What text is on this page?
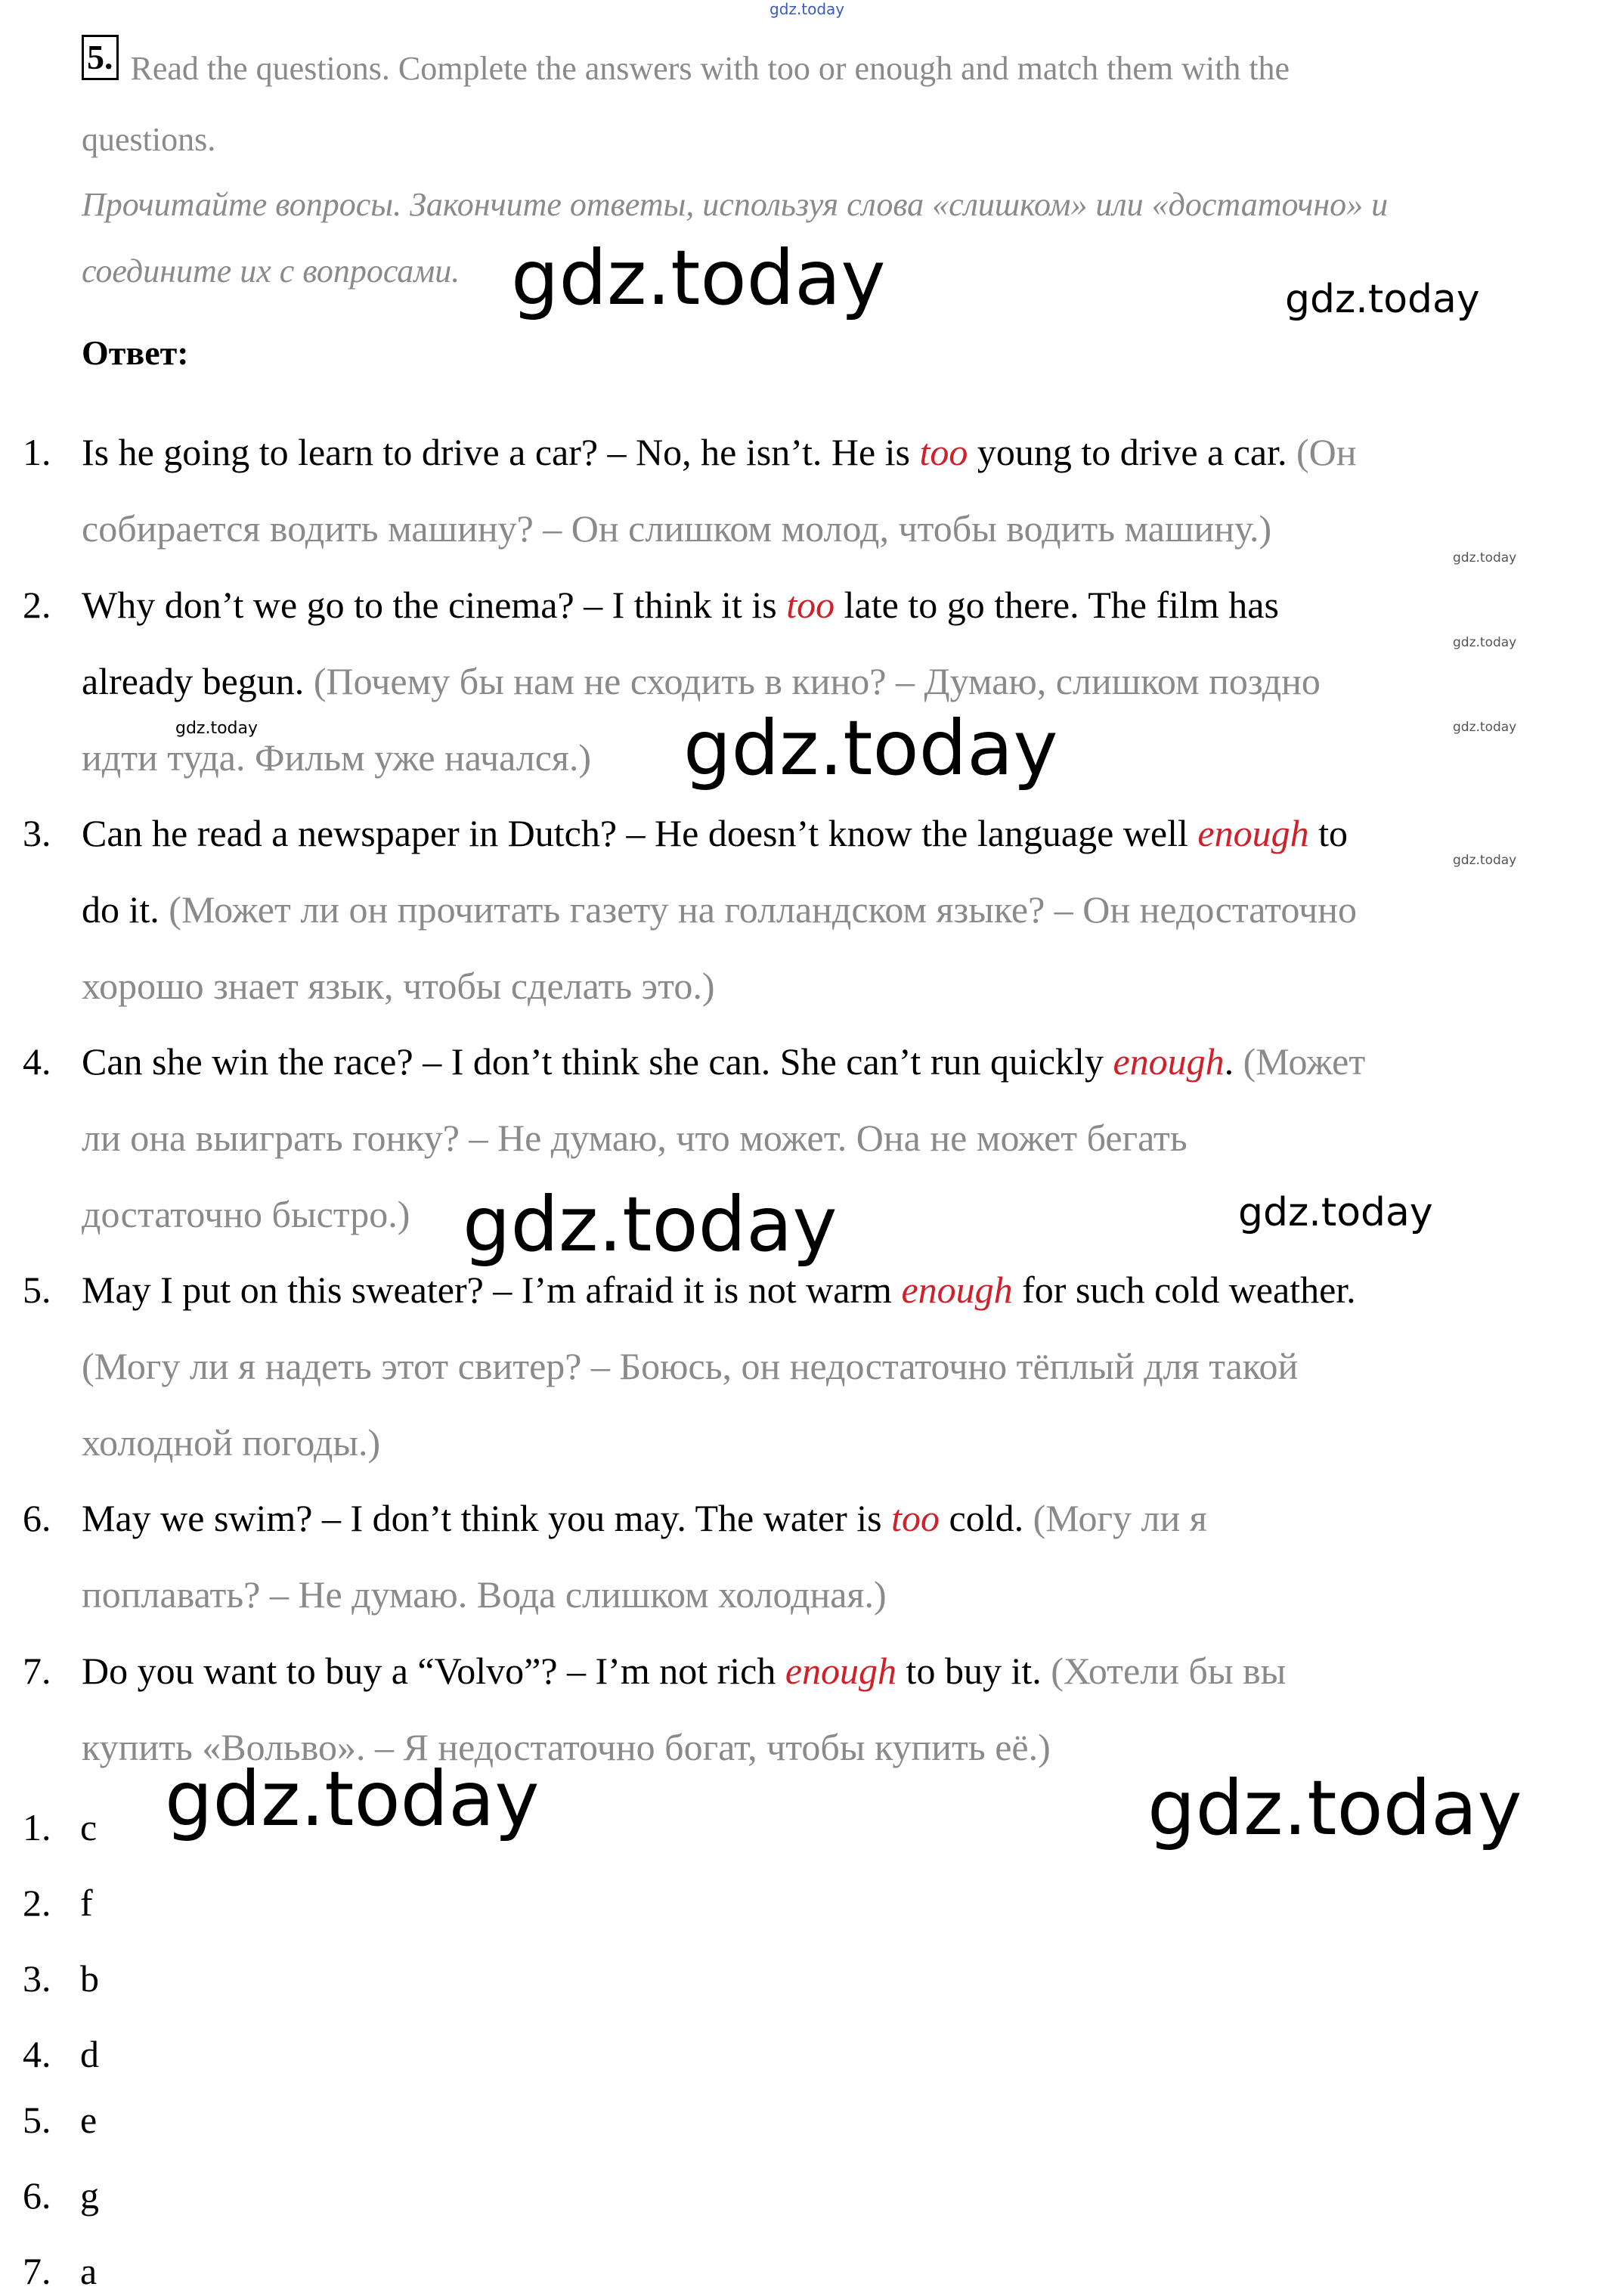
5. Read the questions. Complete the answers with too or enough and match them with the
questions.
Прочитайте вопросы. Закончите ответы, используя слова «слишком» или «достаточно» и
соедините их с вопросами.
Ответ:
1. Is he going to learn to drive a car? – No, he isn’t. He is too young to drive a car. (Он
собирается водить машину? – Он слишком молод, чтобы водить машину.)
2. Why don’t we go to the cinema? – I think it is too late to go there. The film has
already begun. (Почему бы нам не сходить в кино? – Думаю, слишком поздно
идти туда. Фильм уже начался.)
3. Can he read a newspaper in Dutch? – He doesn’t know the language well enough to
do it. (Может ли он прочитать газету на голландском языке? – Он недостаточно
хорошо знает язык, чтобы сделать это.)
4. Can she win the race? – I don’t think she can. She can’t run quickly enough. (Может
ли она выиграть гонку? – Не думаю, что может. Она не может бегать
достаточно быстро.)
5. May I put on this sweater? – I’m afraid it is not warm enough for such cold weather.
(Могу ли я надеть этот свитер? – Боюсь, он недостаточно тёплый для такой
холодной погоды.)
6. May we swim? – I don’t think you may. The water is too cold. (Могу ли я
поплавать? – Не думаю. Вода слишком холодная.)
7. Do you want to buy a “Volvo”? – I’m not rich enough to buy it. (Хотели бы вы
купить «Вольво». – Я недостаточно богат, чтобы купить её.)
1. c
2. f
3. b
4. d
5. e
6. g
7. a
gdz.today
gdz.today	gdz.today
gdz.today
gdz.today
gdz.today
gdz.today	gdz.today
gdz.today
gdz.today	gdz.today
gdz.today	gdz.today
